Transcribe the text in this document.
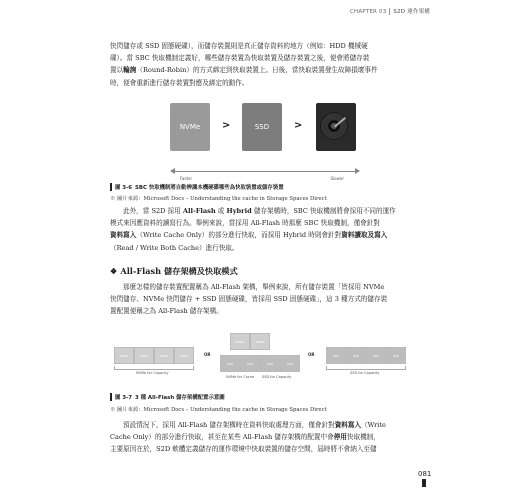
CHAPTER 03 S2D 運作架構

快閃儲存或 SSD 固態硬碟），而儲存裝置則是真正儲存資料的地方（例如：HDD 機械硬
碟）。當 SBC 快取機制定義好，哪些儲存裝置為快取裝置及儲存裝置之後，便會將儲存裝
置以輪詢（Round-Robin）的方式綁定到快取裝置上。日後，當快取裝置發生故障損壞事件
時，便會重新進行儲存裝置對應及綁定的動作。

NVMe >	SSD >
Faster	Slower
圖 3-6 SBC 快取機制將自動辨識本機硬碟哪些為快取裝置或儲存裝置
※ 圖片來源：Microsoft Docs – Understanding the cache in Storage Spaces Direct

此外，當 S2D 採用 All-Flash 或 Hybrid 儲存架構時，SBC 快取機制將會採用不同的運作
模式來因應資料的讀寫行為。舉例來說，當採用 All-Flash 時那麼 SBC 快取機制，僅會針對
資料寫入（Write Cache Only）的部分進行快取，而採用 Hybrid 時則會針對資料讀取及寫入
（Read / Write Both Cache）進行快取。

❖ All-Flash 儲存架構及快取模式

那麼怎樣的儲存裝置配置稱為 All-Flash 架構，舉例來說，所有儲存裝置「皆採用 NVMe
快閃儲存、NVMe 快閃儲存 + SSD 固態硬碟，皆採用 SSD 固態硬碟」，這 3 種方式的儲存裝
置配置便稱之為 All-Flash 儲存架構。

NVMe	NVMe	NVMe	NVMe
NVMe for Capacity
OR
NVMe	NVMe
SSD	SSD	SSD	SSD
NVMe for Cache SSD for Capacity
OR	SSD	SSD	SSD	SSD
SSD for Capacity
圖 3-7 3 種 All-Flash 儲存架構配置示意圖
※ 圖片來源：Microsoft Docs – Understanding the cache in Storage Spaces Direct

預設情況下，採用 All-Flash 儲存架構時在資料快取處理方面，僅會針對資料寫入（Write
Cache Only）的部分進行快取，甚至在某些 All-Flash 儲存架構的配置中會停用快取機制，
主要原因在於，S2D 軟體定義儲存的運作環境中快取裝置的儲存空間，屆時將不會納入至儲

081
